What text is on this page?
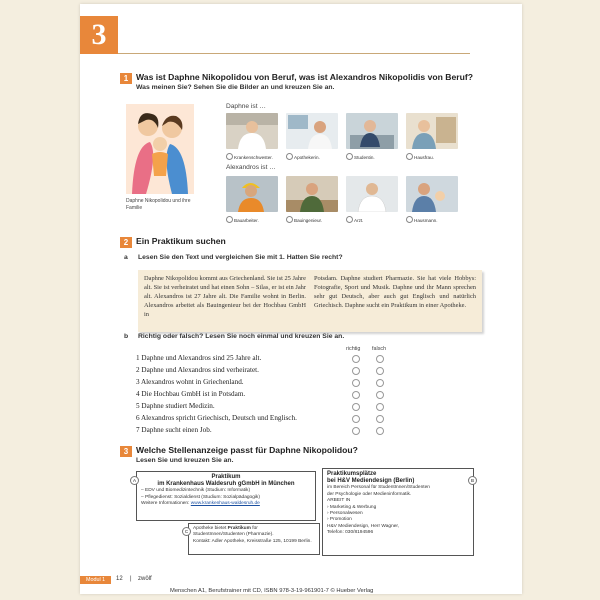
3
1 Was ist Daphne Nikopolidou von Beruf, was ist Alexandros Nikopolidis von Beruf?
Was meinen Sie? Sehen Sie die Bilder an und kreuzen Sie an.
Daphne Nikopolidou und ihre Familie
Daphne ist …
Krankenschwester.	Apothekerin.	Studentin.	Hausfrau.
Alexandros ist …
Bauarbeiter.	Bauingenieur.	Arzt.	Hausmann.
2 Ein Praktikum suchen
a Lesen Sie den Text und vergleichen Sie mit 1. Hatten Sie recht?
Daphne Nikopolidou kommt aus Griechenland. Sie ist 25 Jahre alt. Sie ist verheiratet und hat einen Sohn – Silas, er ist ein Jahr alt. Alexandros ist 27 Jahre alt. Die Familie wohnt in Berlin. Alexandros arbeitet als Bauingenieur bei der Hochbau GmbH in
Potsdam. Daphne studiert Pharmazie. Sie hat viele Hobbys: Fotografie, Sport und Musik. Daphne und ihr Mann sprechen sehr gut Deutsch, aber auch gut Englisch und natürlich Griechisch. Daphne sucht ein Praktikum in einer Apotheke.
b Richtig oder falsch? Lesen Sie noch einmal und kreuzen Sie an.
richtig falsch
1 Daphne und Alexandros sind 25 Jahre alt.
2 Daphne und Alexandros sind verheiratet.
3 Alexandros wohnt in Griechenland.
4 Die Hochbau GmbH ist in Potsdam.
5 Daphne studiert Medizin.
6 Alexandros spricht Griechisch, Deutsch und Englisch.
7 Daphne sucht einen Job.
3 Welche Stellenanzeige passt für Daphne Nikopolidou?
Lesen Sie und kreuzen Sie an.
Praktikum
im Krankenhaus Waldesruh gGmbH in München
– EDV und Biomedizintechnik (Studium: Informatik)
– Pflegedienst: Sozialdienst (Studium: Sozialpädagogik)
Weitere Informationen: www.krankenhaus-waldesruh.de
A
Praktikumsplätze
bei H&V Mediendesign (Berlin)
im Bereich Personal für StudentInnen/Studenten
der Psychologie oder Medieninformatik.
ARBEIT IN
› Marketing & Werbung
› Personalwesen
› Promotion
H&V Mediendesign, Herr Wagner,
Telefon: 030/8194596
B
Apotheke bietet Praktikum für
StudentInnen/Studenten (Pharmazie).
Kontakt: Adler Apotheke, Kreisstraße 125, 10199 Berlin.
C
Modul 1	12 | zwölf
Menschen A1, Berufstrainer mit CD, ISBN 978-3-19-961901-7 © Hueber Verlag
